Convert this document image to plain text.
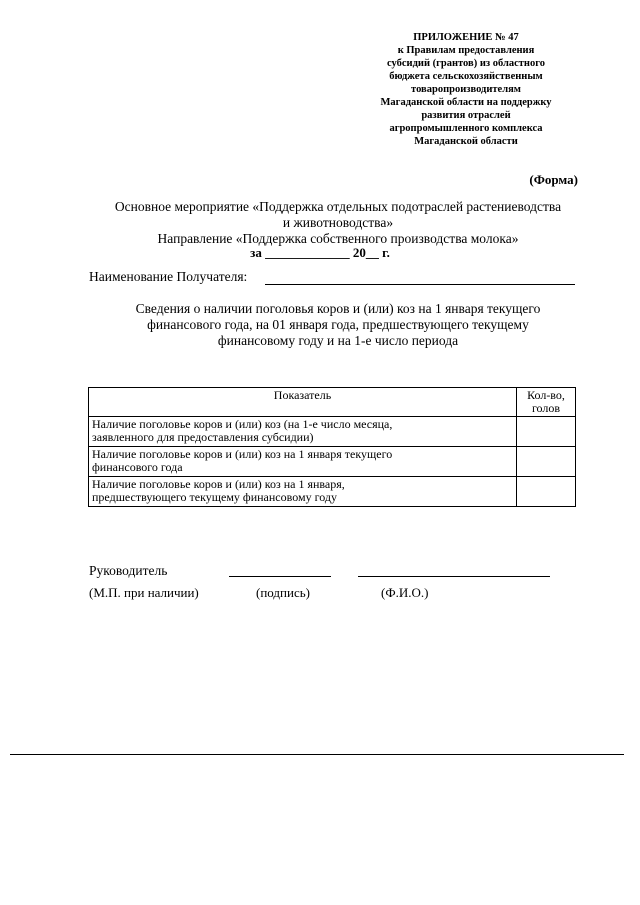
ПРИЛОЖЕНИЕ № 47
к Правилам предоставления
субсидий (грантов) из областного
бюджета сельскохозяйственным
товаропроизводителям
Магаданской области на поддержку
развития отраслей
агропромышленного комплекса
Магаданской области
(Форма)
Основное мероприятие «Поддержка отдельных подотраслей растениеводства
и животноводства»
Направление «Поддержка собственного производства молока»
за _____________ 20__ г.
Наименование Получателя:
Сведения о наличии поголовья коров и (или) коз на 1 января текущего
финансового года, на 01 января года, предшествующего текущему
финансовому году и на 1-е число периода
Показатель	Кол-во,
голов

Наличие поголовье коров и (или) коз (на 1-е число месяца,
заявленного для предоставления субсидии)	

Наличие поголовье коров и (или) коз на 1 января текущего
финансового года	

Наличие поголовье коров и (или) коз на 1 января,
предшествующего текущему финансовому году	

Руководитель
(М.П. при наличии)	(подпись)	(Ф.И.О.)
